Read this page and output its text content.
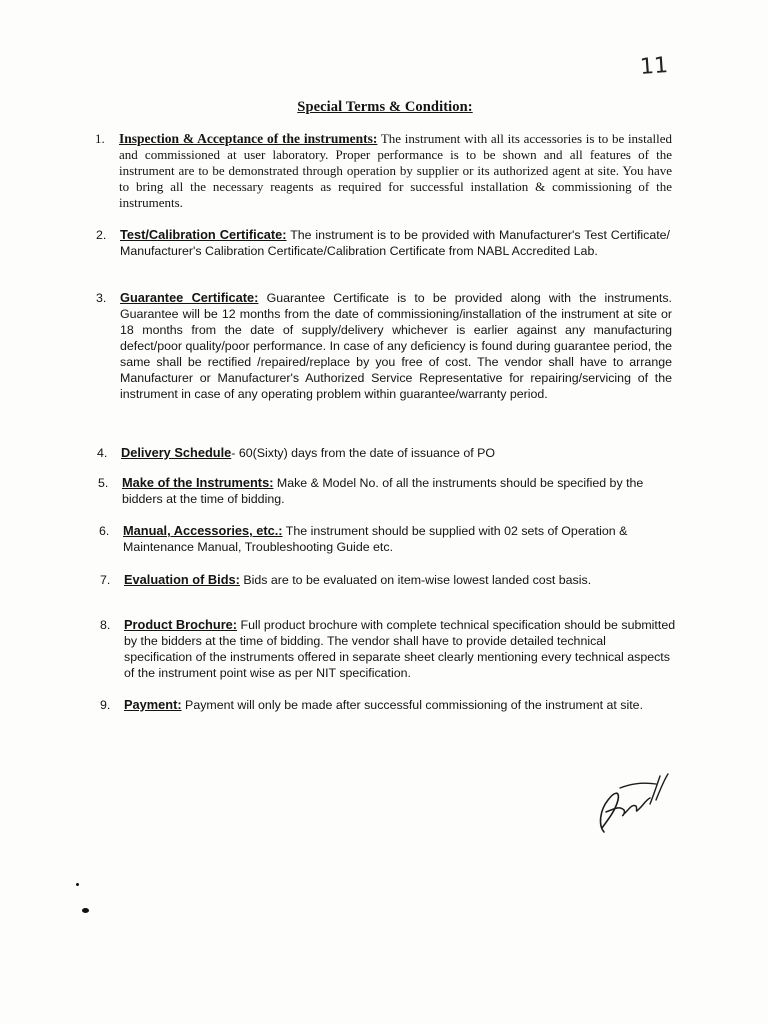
11
Special Terms & Condition:
1. Inspection & Acceptance of the instruments: The instrument with all its accessories is to be installed and commissioned at user laboratory. Proper performance is to be shown and all features of the instrument are to be demonstrated through operation by supplier or its authorized agent at site. You have to bring all the necessary reagents as required for successful installation & commissioning of the instruments.
2. Test/Calibration Certificate: The instrument is to be provided with Manufacturer's Test Certificate/ Manufacturer's Calibration Certificate/Calibration Certificate from NABL Accredited Lab.
3. Guarantee Certificate: Guarantee Certificate is to be provided along with the instruments. Guarantee will be 12 months from the date of commissioning/installation of the instrument at site or 18 months from the date of supply/delivery whichever is earlier against any manufacturing defect/poor quality/poor performance. In case of any deficiency is found during guarantee period, the same shall be rectified /repaired/replace by you free of cost. The vendor shall have to arrange Manufacturer or Manufacturer's Authorized Service Representative for repairing/servicing of the instrument in case of any operating problem within guarantee/warranty period.
4. Delivery Schedule- 60(Sixty) days from the date of issuance of PO
5. Make of the Instruments: Make & Model No. of all the instruments should be specified by the bidders at the time of bidding.
6. Manual, Accessories, etc.: The instrument should be supplied with 02 sets of Operation & Maintenance Manual, Troubleshooting Guide etc.
7. Evaluation of Bids: Bids are to be evaluated on item-wise lowest landed cost basis.
8. Product Brochure: Full product brochure with complete technical specification should be submitted by the bidders at the time of bidding. The vendor shall have to provide detailed technical specification of the instruments offered in separate sheet clearly mentioning every technical aspects of the instrument point wise as per NIT specification.
9. Payment: Payment will only be made after successful commissioning of the instrument at site.
